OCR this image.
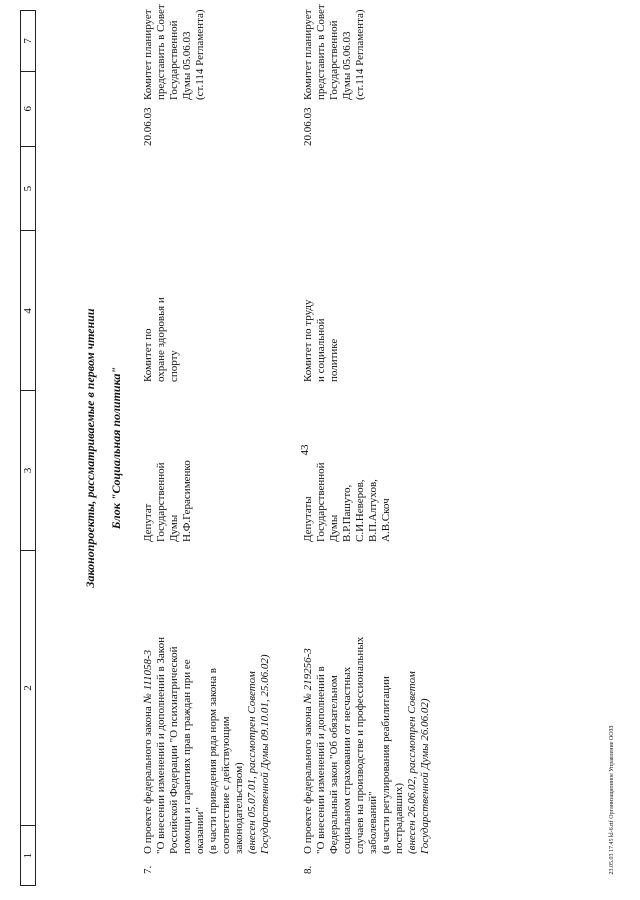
43
23.05.03 17.45 kl-6.rtf Организационное Управление ООЗЗ
1
2
3
4
5
6
7
Законопроекты, рассматриваемые в первом чтении Блок "Социальная политика"
7.
О проекте федерального закона № 111058-3 "О внесении изменений и дополнений в Закон Российской Федерации "О психиатрической помощи и гарантиях прав граждан при ее оказании" (в части приведения ряда норм закона в соответствие с действующим законодательством) (внесен 05.07.01, рассмотрен Советом Государственной Думы 09.10.01, 25.06.02)
Депутат Государственной Думы Н.Ф.Герасименко
Комитет по охране здоровья и спорту
20.06.03
Комитет планирует представить в Совет Государственной Думы 05.06.03 (ст.114 Регламента)
8.
О проекте федерального закона № 219256-3 "О внесении изменений и дополнений в Федеральный закон "Об обязательном социальном страховании от несчастных случаев на производстве и профессиональных заболеваний" (в части регулирования реабилитации пострадавших) (внесен 26.06.02, рассмотрен Советом Государственной Думы 26.06.02)
Депутаты Государственной Думы В.Р.Пашуто, С.И.Неверов, В.П.Алтухов, А.В.Скоч
Комитет по труду и социальной политике
20.06.03
Комитет планирует представить в Совет Государственной Думы 05.06.03 (ст.114 Регламента)
